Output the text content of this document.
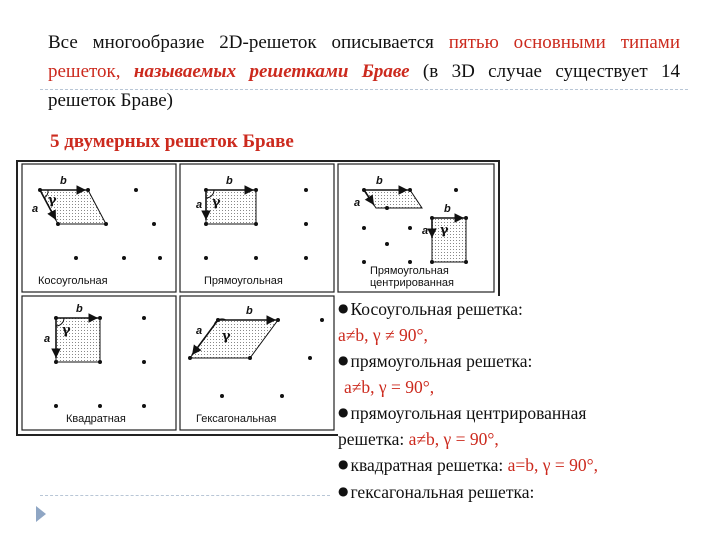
Все многообразие 2D-решеток описывается пятью основными типами решеток, называемых решетками Браве (в 3D случае существует 14 решеток Браве)
5 двумерных решеток Браве
b
a
γ
Косоугольная
b
a γ
Прямоугольная
b
a	b
a γ
Прямоугольная
центрированная
b
a
γ
Квадратная
b
a γ
Гексагональная

● Косоугольная решетка:

a≠b, γ ≠ 90°,

● прямоугольная решетка:

a≠b, γ = 90°,

● прямоугольная центрированная

решетка: a≠b, γ = 90°,

● квадратная решетка: a=b, γ = 90°,

● гексагональная решетка:
